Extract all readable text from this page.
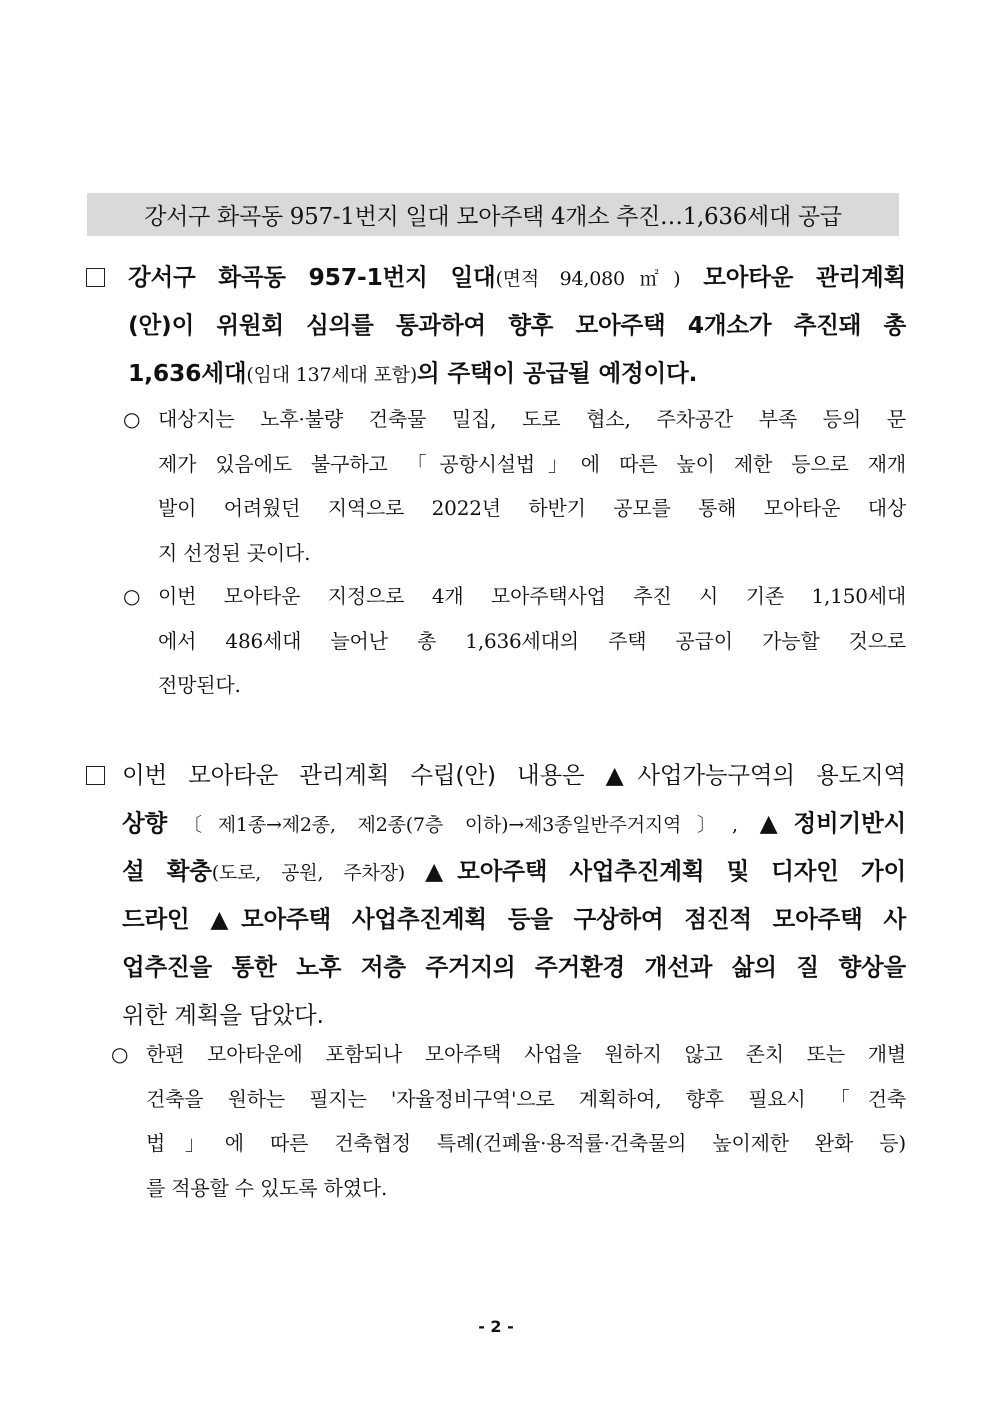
강서구 화곡동 957-1번지 일대 모아주택 4개소 추진…1,636세대 공급
강서구 화곡동 957-1번지 일대(면적 94,080㎡) 모아타운 관리계획
(안)이 위원회 심의를 통과하여 향후 모아주택 4개소가 추진돼 총
1,636세대(임대 137세대 포함)의 주택이 공급될 예정이다.
○ 대상지는 노후·불량 건축물 밀집, 도로 협소, 주차공간 부족 등의 문
제가 있음에도 불구하고 「공항시설법」에 따른 높이 제한 등으로 재개
발이 어려웠던 지역으로 2022년 하반기 공모를 통해 모아타운 대상
지 선정된 곳이다.
○ 이번 모아타운 지정으로 4개 모아주택사업 추진 시 기존 1,150세대
에서 486세대 늘어난 총 1,636세대의 주택 공급이 가능할 것으로
전망된다.
이번 모아타운 관리계획 수립(안) 내용은 ▲사업가능구역의 용도지역
상향〔제1종→제2종, 제2종(7층 이하)→제3종일반주거지역〕, ▲정비기반시
설 확충(도로, 공원, 주차장) ▲모아주택 사업추진계획 및 디자인 가이
드라인 ▲모아주택 사업추진계획 등을 구상하여 점진적 모아주택 사
업추진을 통한 노후 저층 주거지의 주거환경 개선과 삶의 질 향상을
위한 계획을 담았다.
○ 한편 모아타운에 포함되나 모아주택 사업을 원하지 않고 존치 또는 개별
건축을 원하는 필지는 '자율정비구역'으로 계획하여, 향후 필요시 「건축
법」에 따른 건축협정 특례(건폐율·용적률·건축물의 높이제한 완화 등)
를 적용할 수 있도록 하였다.
- 2 -
